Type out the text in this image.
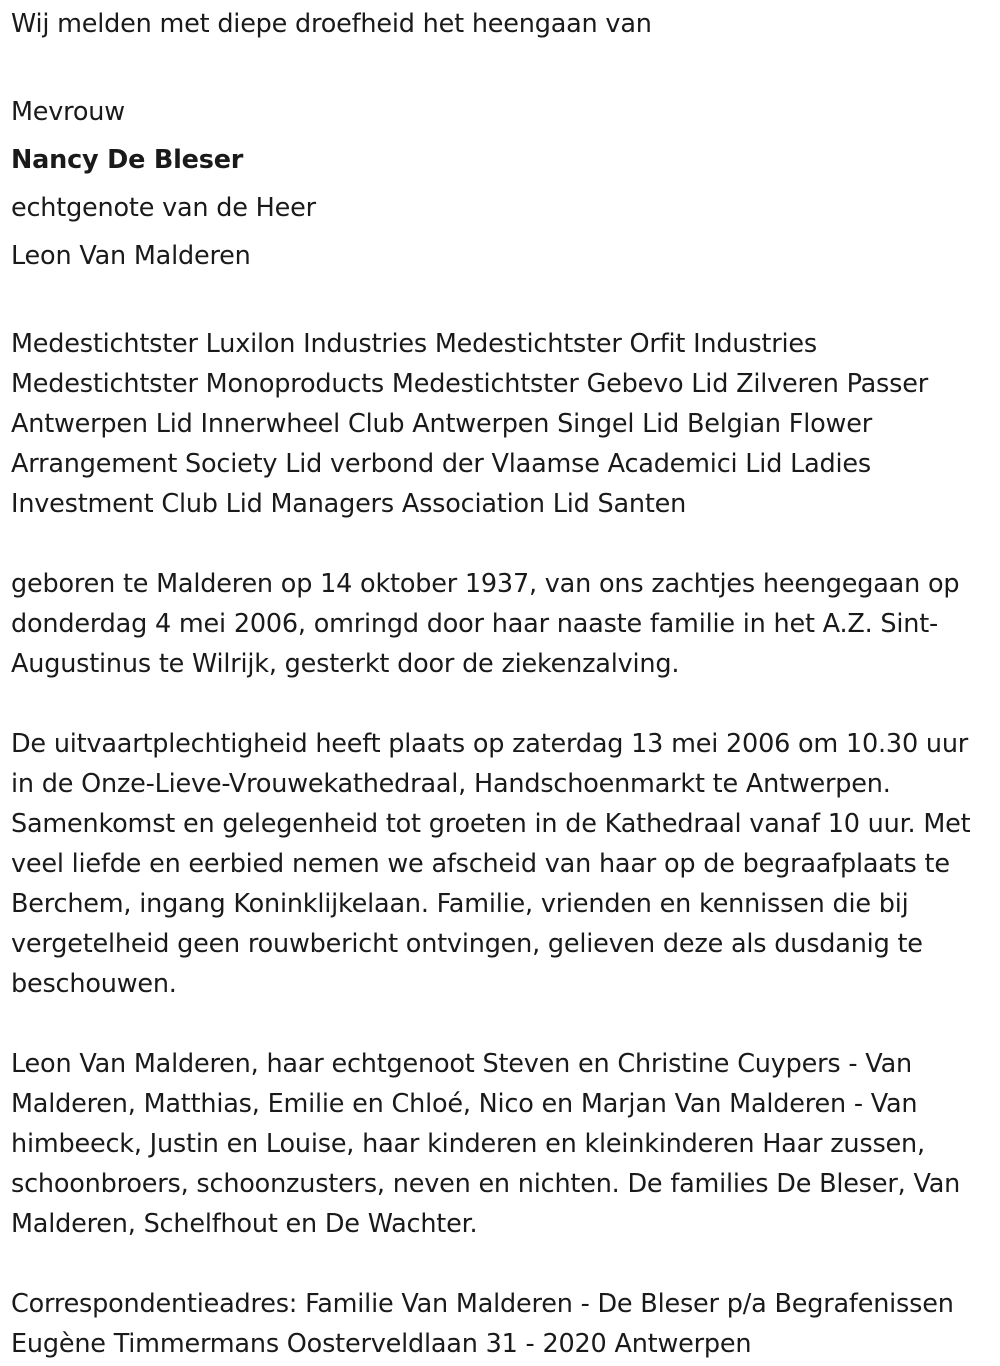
Wij melden met diepe droefheid het heengaan van

Mevrouw

Nancy De Bleser

echtgenote van de Heer

Leon Van Malderen

Medestichtster Luxilon Industries Medestichtster Orfit Industries Medestichtster Monoproducts Medestichtster Gebevo Lid Zilveren Passer Antwerpen Lid Innerwheel Club Antwerpen Singel Lid Belgian Flower Arrangement Society Lid verbond der Vlaamse Academici Lid Ladies Investment Club Lid Managers Association Lid Santen

geboren te Malderen op 14 oktober 1937, van ons zachtjes heengegaan op donderdag 4 mei 2006, omringd door haar naaste familie in het A.Z. Sint-Augustinus te Wilrijk, gesterkt door de ziekenzalving.

De uitvaartplechtigheid heeft plaats op zaterdag 13 mei 2006 om 10.30 uur in de Onze-Lieve-Vrouwekathedraal, Handschoenmarkt te Antwerpen. Samenkomst en gelegenheid tot groeten in de Kathedraal vanaf 10 uur. Met veel liefde en eerbied nemen we afscheid van haar op de begraafplaats te Berchem, ingang Koninklijkelaan. Familie, vrienden en kennissen die bij vergetelheid geen rouwbericht ontvingen, gelieven deze als dusdanig te beschouwen.

Leon Van Malderen, haar echtgenoot Steven en Christine Cuypers - Van Malderen, Matthias, Emilie en Chloé, Nico en Marjan Van Malderen - Van himbeeck, Justin en Louise, haar kinderen en kleinkinderen Haar zussen, schoonbroers, schoonzusters, neven en nichten. De families De Bleser, Van Malderen, Schelfhout en De Wachter.

Correspondentieadres: Familie Van Malderen - De Bleser p/a Begrafenissen Eugène Timmermans Oosterveldlaan 31 - 2020 Antwerpen
